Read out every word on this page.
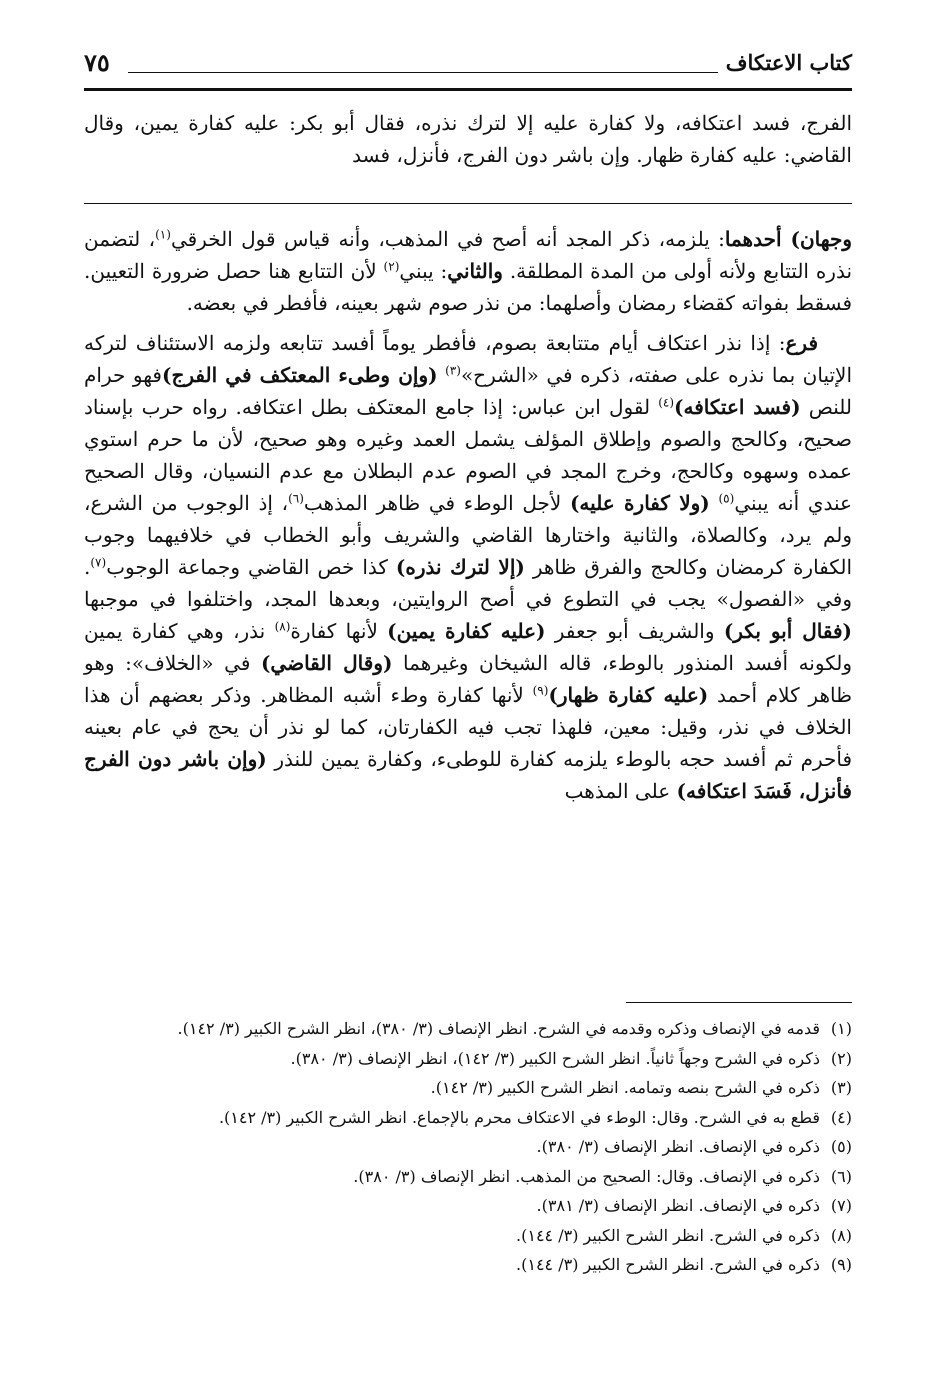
كتاب الاعتكاف
٧٥

الفرج، فسد اعتكافه، ولا كفارة عليه إلا لترك نذره، فقال أبو بكر: عليه كفارة يمين، وقال القاضي: عليه كفارة ظهار. وإن باشر دون الفرج، فأنزل، فسد

وجهان) أحدهما: يلزمه، ذكر المجد أنه أصح في المذهب، وأنه قياس قول الخرقي$^{(١)}$، لتضمن نذره التتابع ولأنه أولى من المدة المطلقة. والثاني: يبني$^{(٢)}$ لأن التتابع هنا حصل ضرورة التعيين. فسقط بفواته كقضاء رمضان وأصلهما: من نذر صوم شهر بعينه، فأفطر في بعضه.

فرع: إذا نذر اعتكاف أيام متتابعة بصوم، فأفطر يوماً أفسد تتابعه ولزمه الاستئناف لتركه الإتيان بما نذره على صفته، ذكره في «الشرح»$^{(٣)}$ (وإن وطىء المعتكف في الفرج)فهو حرام للنص (فسد اعتكافه)$^{(٤)}$ لقول ابن عباس: إذا جامع المعتكف بطل اعتكافه. رواه حرب بإسناد صحيح، وكالحج والصوم وإطلاق المؤلف يشمل العمد وغيره وهو صحيح، لأن ما حرم استوي عمده وسهوه وكالحج، وخرج المجد في الصوم عدم البطلان مع عدم النسيان، وقال الصحيح عندي أنه يبني$^{(٥)}$ (ولا كفارة عليه) لأجل الوطء في ظاهر المذهب$^{(٦)}$، إذ الوجوب من الشرع، ولم يرد، وكالصلاة، والثانية واختارها القاضي والشريف وأبو الخطاب في خلافيهما وجوب الكفارة كرمضان وكالحج والفرق ظاهر (إلا لترك نذره) كذا خص القاضي وجماعة الوجوب$^{(٧)}$. وفي «الفصول» يجب في التطوع في أصح الروايتين، وبعدها المجد، واختلفوا في موجبها (فقال أبو بكر) والشريف أبو جعفر (عليه كفارة يمين) لأنها كفارة$^{(٨)}$ نذر، وهي كفارة يمين ولكونه أفسد المنذور بالوطء، قاله الشيخان وغيرهما (وقال القاضي) في «الخلاف»: وهو ظاهر كلام أحمد (عليه كفارة ظهار)$^{(٩)}$ لأنها كفارة وطء أشبه المظاهر. وذكر بعضهم أن هذا الخلاف في نذر، وقيل: معين، فلهذا تجب فيه الكفارتان، كما لو نذر أن يحج في عام بعينه فأحرم ثم أفسد حجه بالوطء يلزمه كفارة للوطىء، وكفارة يمين للنذر (وإن باشر دون الفرج فأنزل، فَسَدَ اعتكافه) على المذهب

(١)قدمه في الإنصاف وذكره وقدمه في الشرح. انظر الإنصاف (٣/ ٣٨٠)، انظر الشرح الكبير (٣/ ١٤٢).
(٢)ذكره في الشرح وجهاً ثانياً. انظر الشرح الكبير (٣/ ١٤٢)، انظر الإنصاف (٣/ ٣٨٠).
(٣)ذكره في الشرح بنصه وتمامه. انظر الشرح الكبير (٣/ ١٤٢).
(٤)قطع به في الشرح. وقال: الوطء في الاعتكاف محرم بالإجماع. انظر الشرح الكبير (٣/ ١٤٢).
(٥)ذكره في الإنصاف. انظر الإنصاف (٣/ ٣٨٠).
(٦)ذكره في الإنصاف. وقال: الصحيح من المذهب. انظر الإنصاف (٣/ ٣٨٠).
(٧)ذكره في الإنصاف. انظر الإنصاف (٣/ ٣٨١).
(٨)ذكره في الشرح. انظر الشرح الكبير (٣/ ١٤٤).
(٩)ذكره في الشرح. انظر الشرح الكبير (٣/ ١٤٤).
